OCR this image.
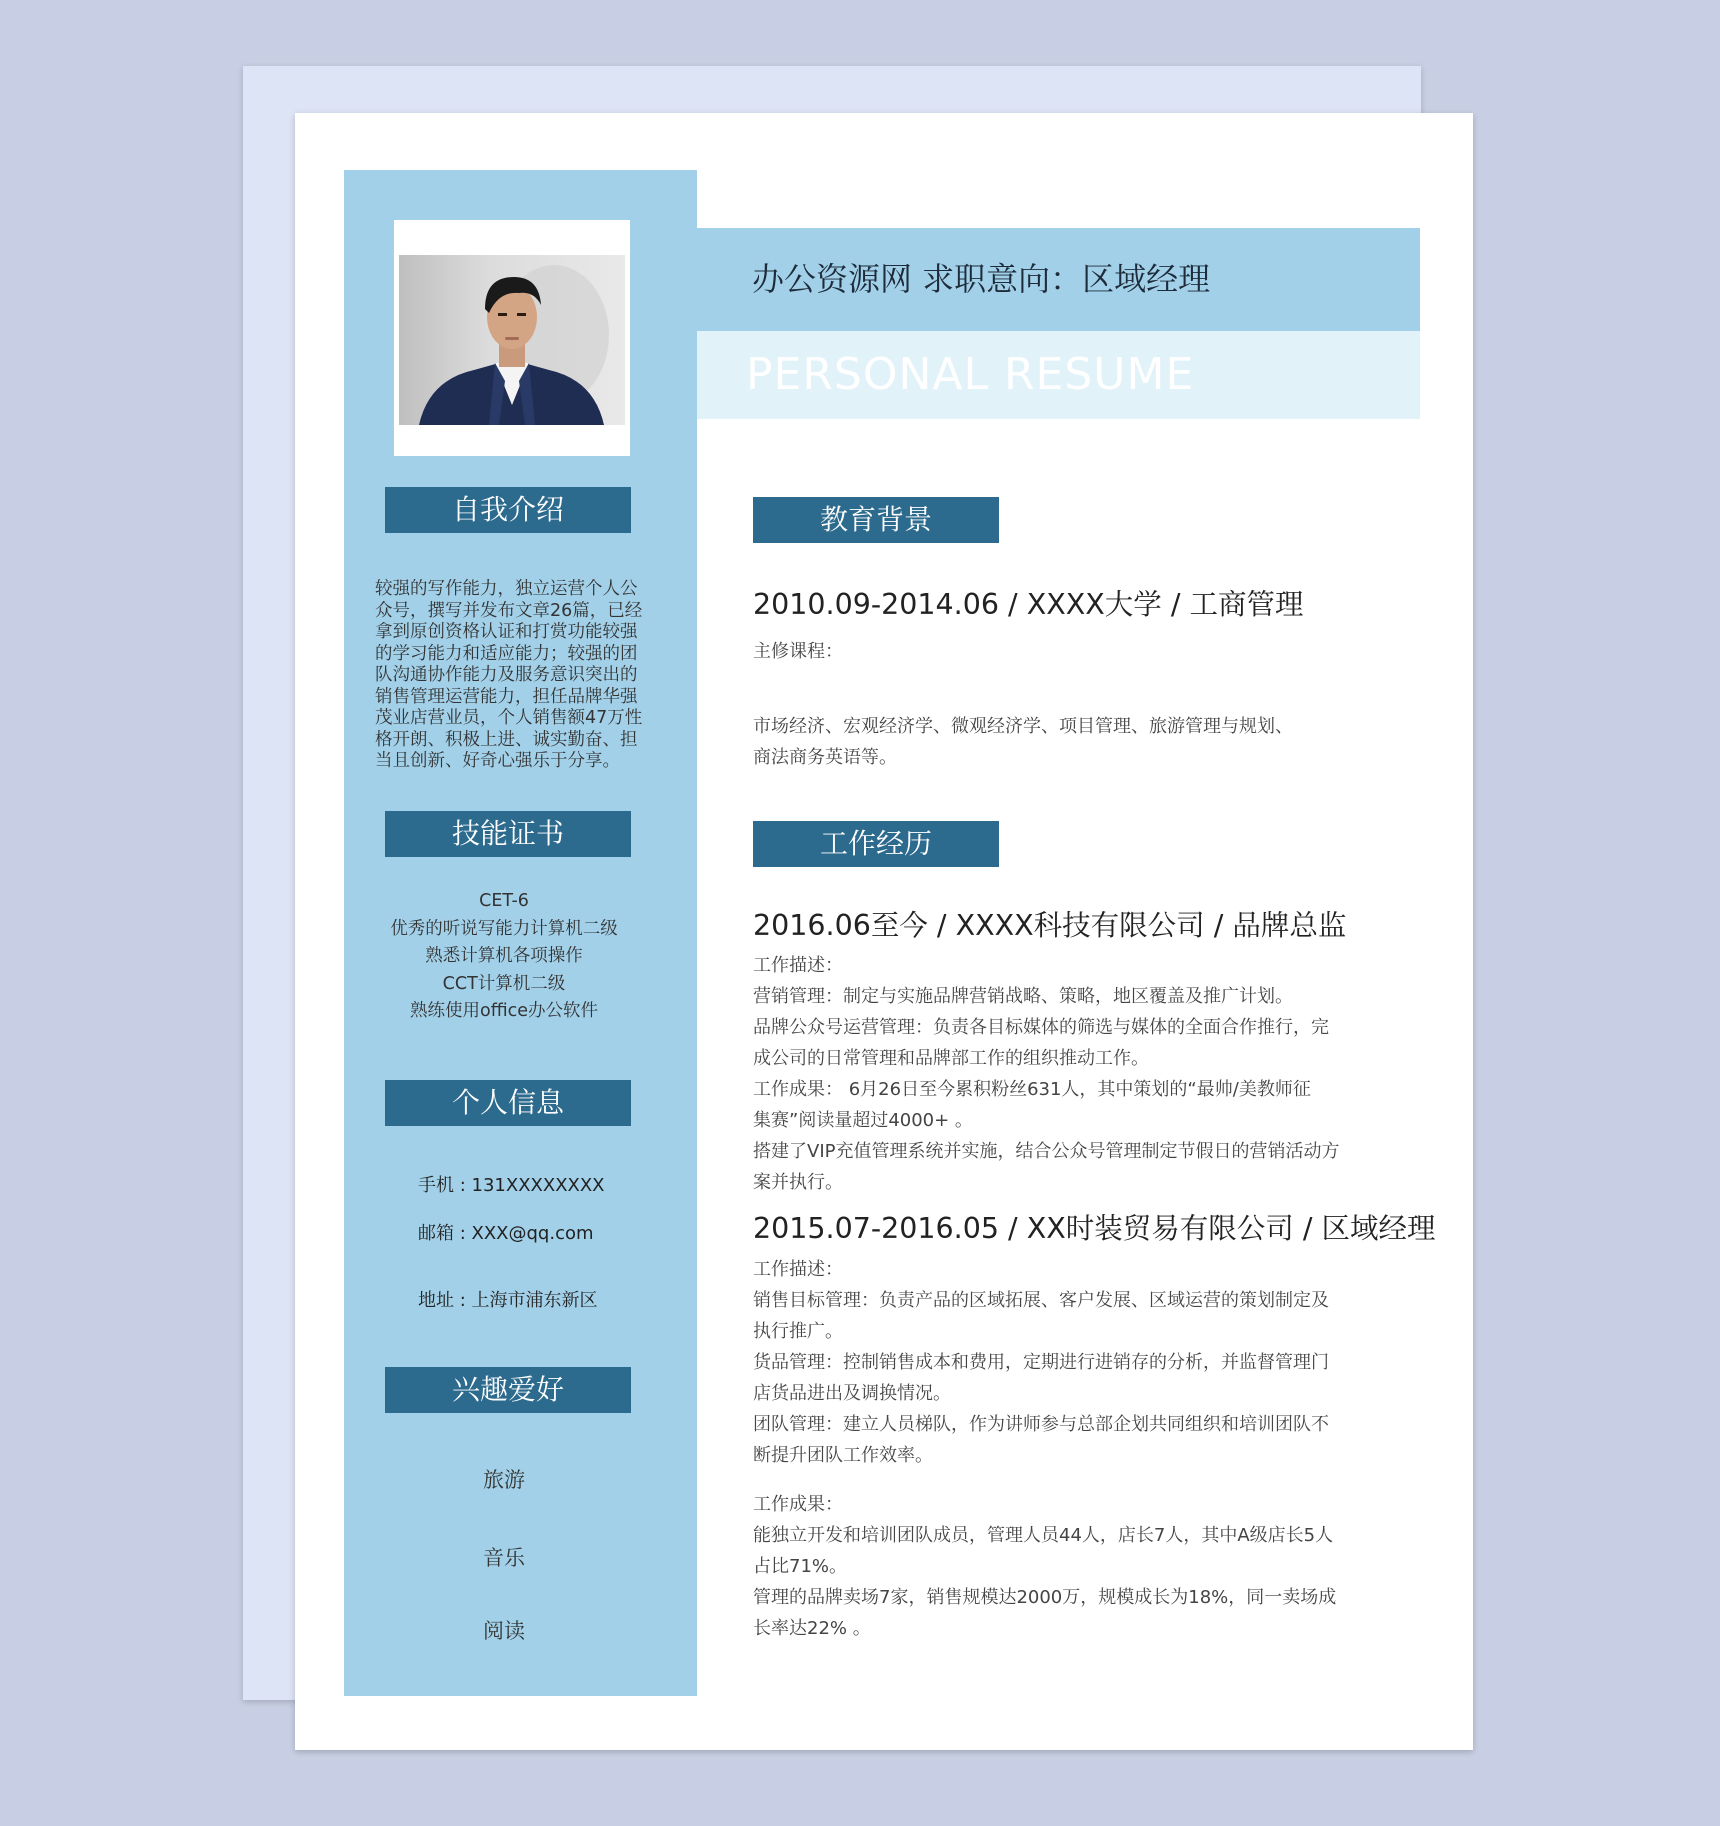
自我介绍
较强的写作能力，独立运营个人公
众号，撰写并发布文章26篇，已经
拿到原创资格认证和打赏功能较强
的学习能力和适应能力；较强的团
队沟通协作能力及服务意识突出的
销售管理运营能力，担任品牌华强
茂业店营业员，个人销售额47万性
格开朗、积极上进、诚实勤奋、担
当且创新、好奇心强乐于分享。
技能证书
CET-6
优秀的听说写能力计算机二级
熟悉计算机各项操作
CCT计算机二级
熟练使用office办公软件
个人信息
手机 : 131XXXXXXXX
邮箱 : XXX@qq.com
地址 : 上海市浦东新区
兴趣爱好
旅游
音乐
阅读
办公资源网 求职意向：区域经理
PERSONAL RESUME
教育背景
2010.09-2014.06 / XXXX大学 / 工商管理
主修课程：
市场经济、宏观经济学、微观经济学、项目管理、旅游管理与规划、
商法商务英语等。
工作经历
2016.06至今 / XXXX科技有限公司 / 品牌总监
工作描述：
营销管理：制定与实施品牌营销战略、策略，地区覆盖及推广计划。
品牌公众号运营管理：负责各目标媒体的筛选与媒体的全面合作推行，完
成公司的日常管理和品牌部工作的组织推动工作。
工作成果： 6月26日至今累积粉丝631人，其中策划的“最帅/美教师征
集赛”阅读量超过4000+ 。
搭建了VIP充值管理系统并实施，结合公众号管理制定节假日的营销活动方
案并执行。
2015.07-2016.05 / XX时装贸易有限公司 / 区域经理
工作描述：
销售目标管理：负责产品的区域拓展、客户发展、区域运营的策划制定及
执行推广。
货品管理：控制销售成本和费用，定期进行进销存的分析，并监督管理门
店货品进出及调换情况。
团队管理：建立人员梯队，作为讲师参与总部企划共同组织和培训团队不
断提升团队工作效率。
工作成果：
能独立开发和培训团队成员，管理人员44人，店长7人，其中A级店长5人
占比71%。
管理的品牌卖场7家，销售规模达2000万，规模成长为18%，同一卖场成
长率达22% 。
